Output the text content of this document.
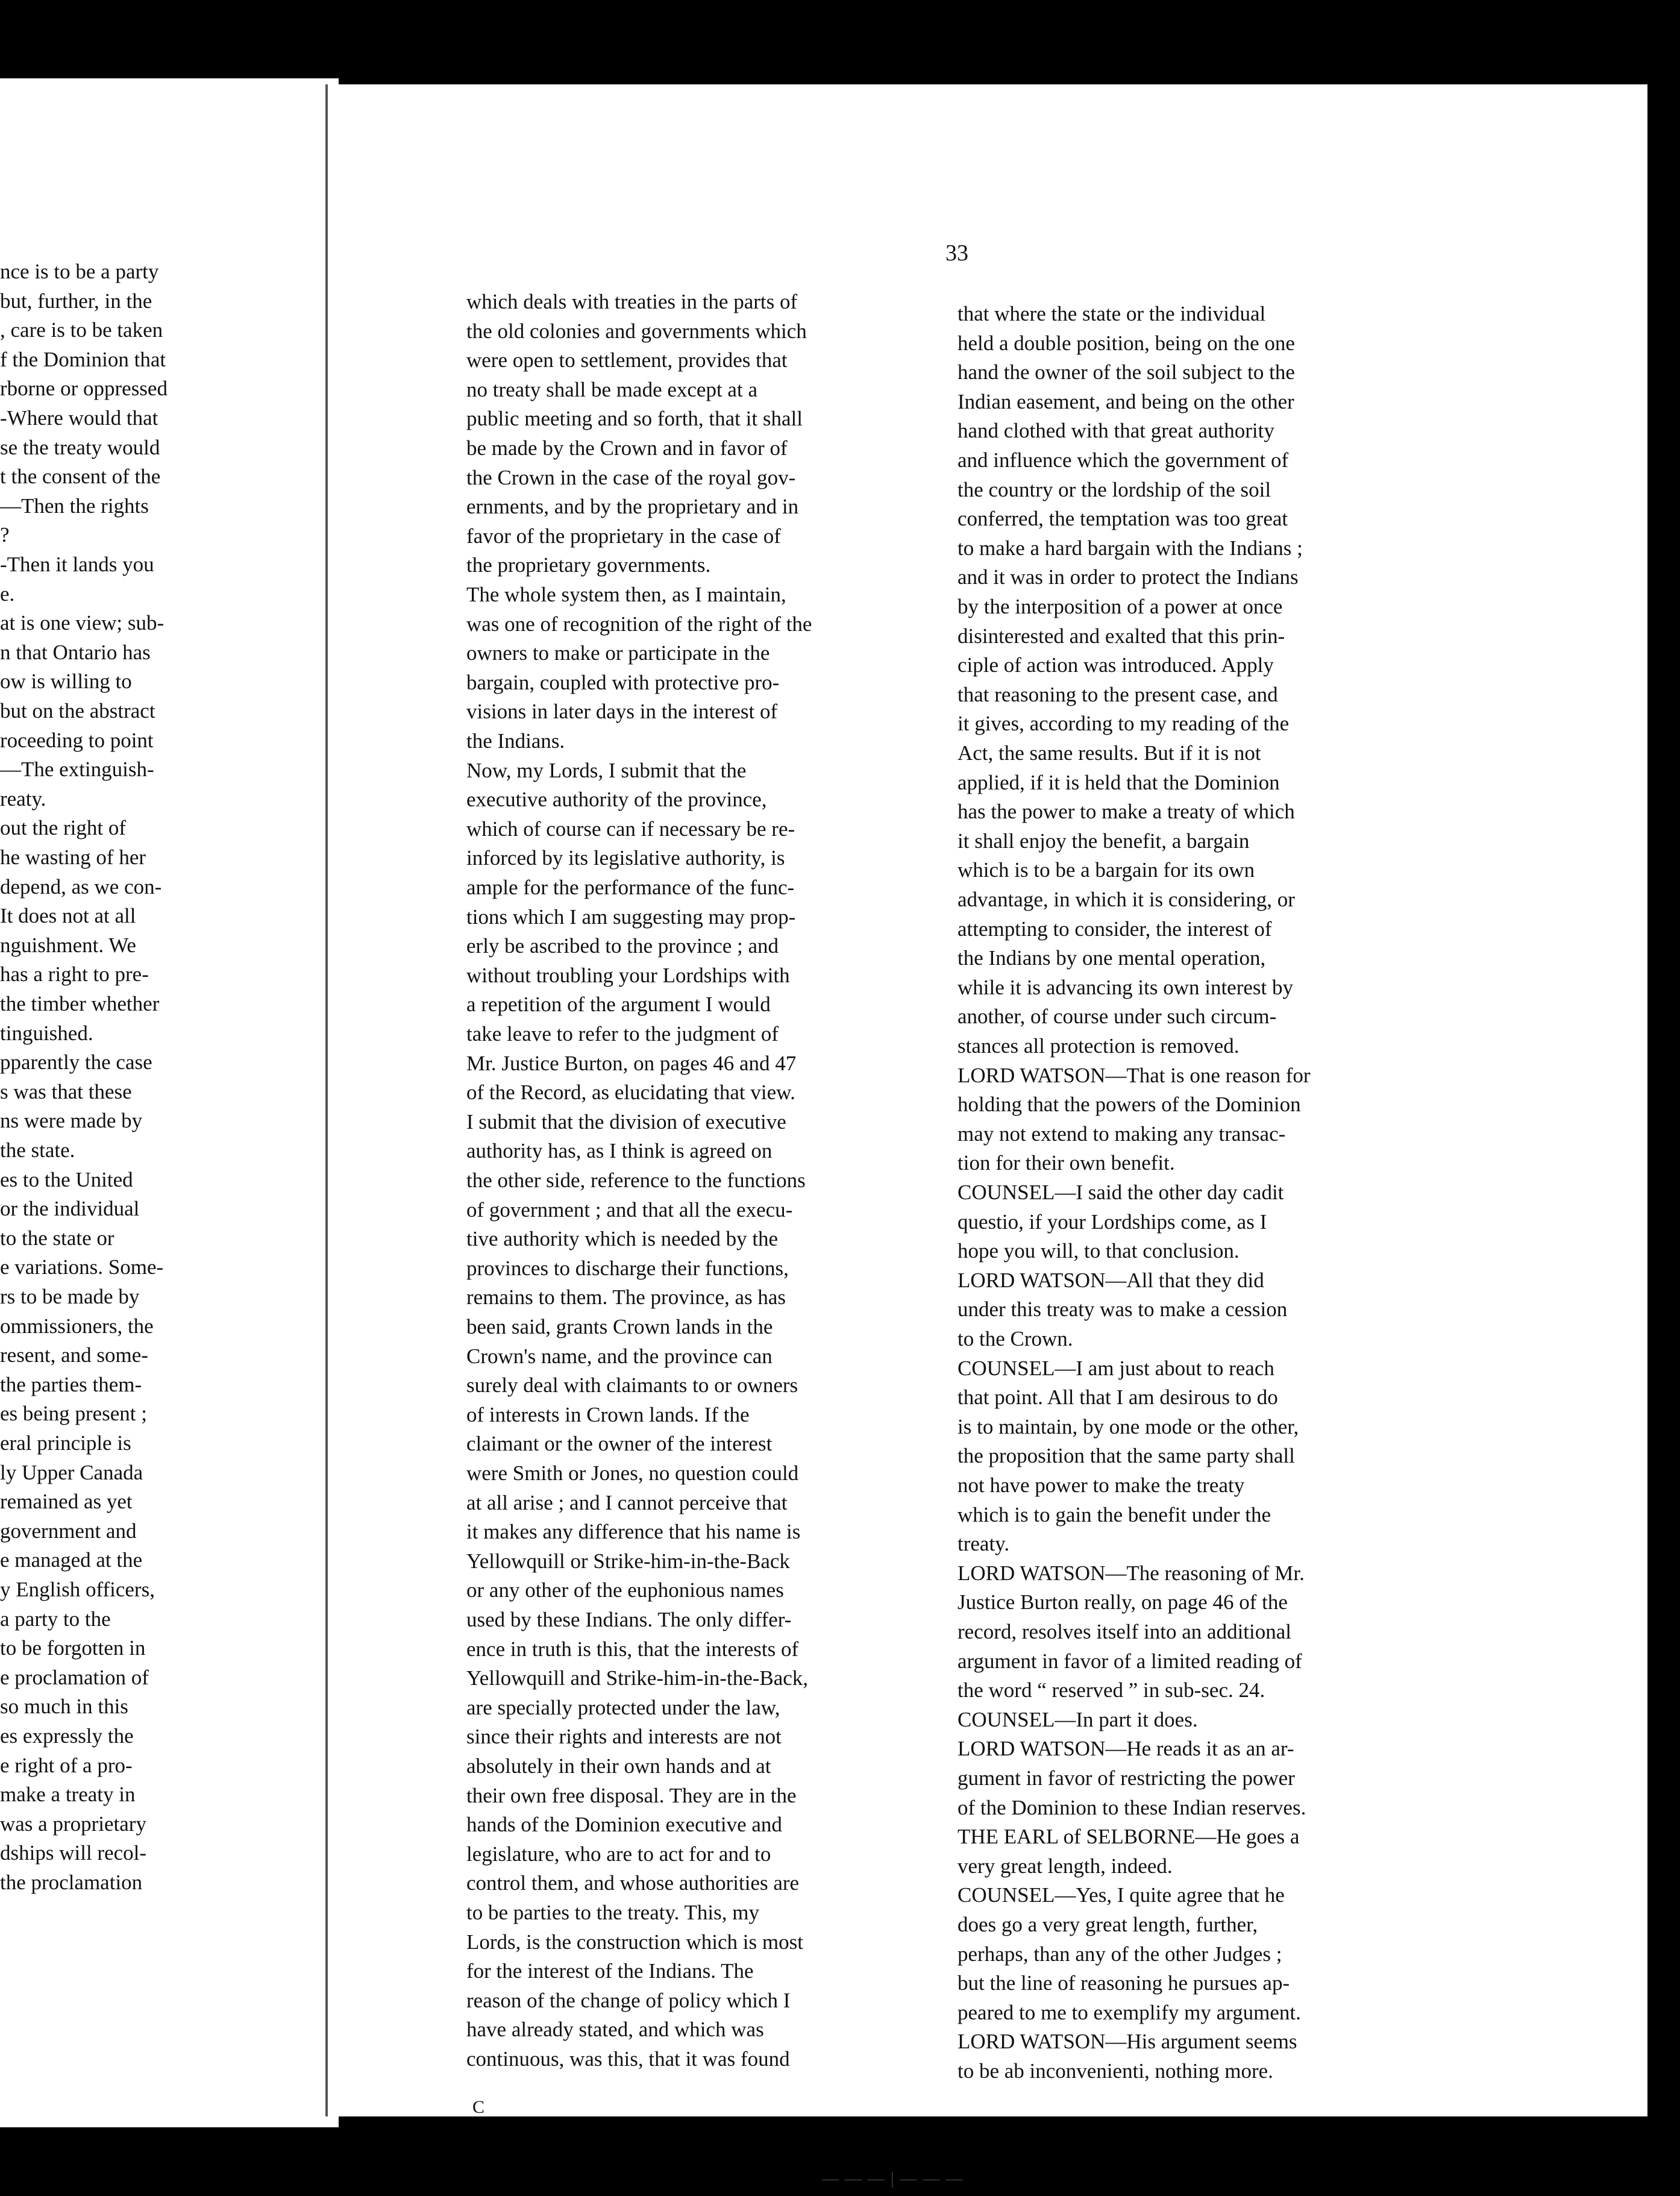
nce is to be a party
but, further, in the
, care is to be taken
f the Dominion that
rborne or oppressed
-Where would that
se the treaty would
t the consent of the
—Then the rights
?
-Then it lands you
e.
at is one view; sub-
n that Ontario has
ow is willing to
but on the abstract
roceeding to point
—The extinguish-
reaty.
out the right of
he wasting of her
depend, as we con-
It does not at all
nguishment. We
has a right to pre-
the timber whether
tinguished.
pparently the case
s was that these
ns were made by
the state.
es to the United
or the individual
to the state or
e variations. Some-
rs to be made by
ommissioners, the
resent, and some-
the parties them-
es being present ;
eral principle is
ly Upper Canada
remained as yet
government and
e managed at the
y English officers,
a party to the
to be forgotten in
e proclamation of
so much in this
es expressly the
e right of a pro-
make a treaty in
was a proprietary
dships will recol-
the proclamation
33
which deals with treaties in the parts of
the old colonies and governments which
were open to settlement, provides that
no treaty shall be made except at a
public meeting and so forth, that it shall
be made by the Crown and in favor of
the Crown in the case of the royal gov-
ernments, and by the proprietary and in
favor of the proprietary in the case of
the proprietary governments.
The whole system then, as I maintain,
was one of recognition of the right of the
owners to make or participate in the
bargain, coupled with protective pro-
visions in later days in the interest of
the Indians.
Now, my Lords, I submit that the
executive authority of the province,
which of course can if necessary be re-
inforced by its legislative authority, is
ample for the performance of the func-
tions which I am suggesting may prop-
erly be ascribed to the province ; and
without troubling your Lordships with
a repetition of the argument I would
take leave to refer to the judgment of
Mr. Justice Burton, on pages 46 and 47
of the Record, as elucidating that view.
I submit that the division of executive
authority has, as I think is agreed on
the other side, reference to the functions
of government ; and that all the execu-
tive authority which is needed by the
provinces to discharge their functions,
remains to them. The province, as has
been said, grants Crown lands in the
Crown's name, and the province can
surely deal with claimants to or owners
of interests in Crown lands. If the
claimant or the owner of the interest
were Smith or Jones, no question could
at all arise ; and I cannot perceive that
it makes any difference that his name is
Yellowquill or Strike-him-in-the-Back
or any other of the euphonious names
used by these Indians. The only differ-
ence in truth is this, that the interests of
Yellowquill and Strike-him-in-the-Back,
are specially protected under the law,
since their rights and interests are not
absolutely in their own hands and at
their own free disposal. They are in the
hands of the Dominion executive and
legislature, who are to act for and to
control them, and whose authorities are
to be parties to the treaty. This, my
Lords, is the construction which is most
for the interest of the Indians. The
reason of the change of policy which I
have already stated, and which was
continuous, was this, that it was found
that where the state or the individual
held a double position, being on the one
hand the owner of the soil subject to the
Indian easement, and being on the other
hand clothed with that great authority
and influence which the government of
the country or the lordship of the soil
conferred, the temptation was too great
to make a hard bargain with the Indians ;
and it was in order to protect the Indians
by the interposition of a power at once
disinterested and exalted that this prin-
ciple of action was introduced. Apply
that reasoning to the present case, and
it gives, according to my reading of the
Act, the same results. But if it is not
applied, if it is held that the Dominion
has the power to make a treaty of which
it shall enjoy the benefit, a bargain
which is to be a bargain for its own
advantage, in which it is considering, or
attempting to consider, the interest of
the Indians by one mental operation,
while it is advancing its own interest by
another, of course under such circum-
stances all protection is removed.
LORD WATSON—That is one reason for
holding that the powers of the Dominion
may not extend to making any transac-
tion for their own benefit.
COUNSEL—I said the other day cadit
questio, if your Lordships come, as I
hope you will, to that conclusion.
LORD WATSON—All that they did
under this treaty was to make a cession
to the Crown.
COUNSEL—I am just about to reach
that point. All that I am desirous to do
is to maintain, by one mode or the other,
the proposition that the same party shall
not have power to make the treaty
which is to gain the benefit under the
treaty.
LORD WATSON—The reasoning of Mr.
Justice Burton really, on page 46 of the
record, resolves itself into an additional
argument in favor of a limited reading of
the word “ reserved ” in sub-sec. 24.
COUNSEL—In part it does.
LORD WATSON—He reads it as an ar-
gument in favor of restricting the power
of the Dominion to these Indian reserves.
THE EARL of SELBORNE—He goes a
very great length, indeed.
COUNSEL—Yes, I quite agree that he
does go a very great length, further,
perhaps, than any of the other Judges ;
but the line of reasoning he pursues ap-
peared to me to exemplify my argument.
LORD WATSON—His argument seems
to be ab inconvenienti, nothing more.
C
———|———
